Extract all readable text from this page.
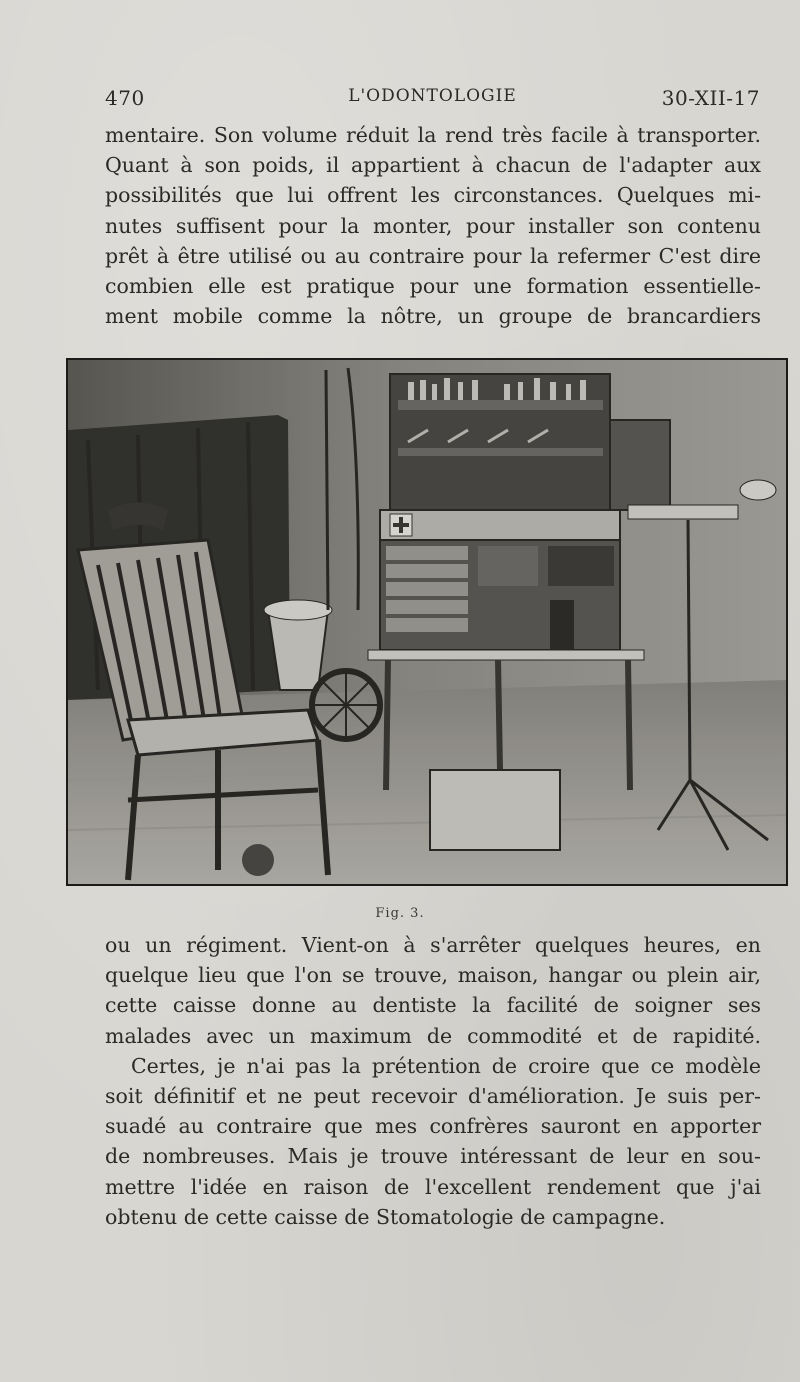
470	L'ODONTOLOGIE	30-XII-17
mentaire. Son volume réduit la rend très facile à transporter.
Quant à son poids, il appartient à chacun de l'adapter aux
possibilités que lui offrent les circonstances. Quelques mi-
nutes suffisent pour la monter, pour installer son contenu
prêt à être utilisé ou au contraire pour la refermer C'est dire
combien elle est pratique pour une formation essentielle-
ment mobile comme la nôtre, un groupe de brancardiers
Fig. 3.
ou un régiment. Vient-on à s'arrêter quelques heures, en
quelque lieu que l'on se trouve, maison, hangar ou plein air,
cette caisse donne au dentiste la facilité de soigner ses
malades avec un maximum de commodité et de rapidité.
Certes, je n'ai pas la prétention de croire que ce modèle
soit définitif et ne peut recevoir d'amélioration. Je suis per-
suadé au contraire que mes confrères sauront en apporter
de nombreuses. Mais je trouve intéressant de leur en sou-
mettre l'idée en raison de l'excellent rendement que j'ai
obtenu de cette caisse de Stomatologie de campagne.
